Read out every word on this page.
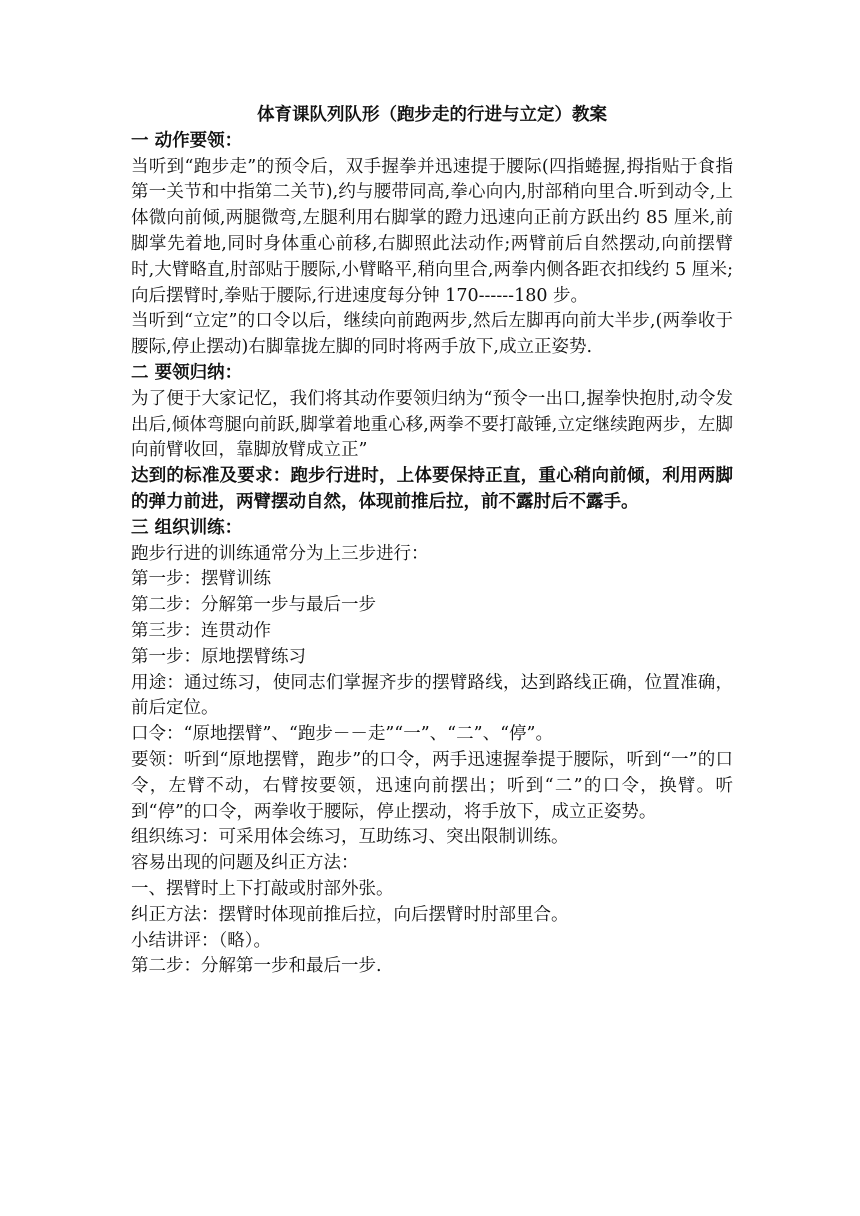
体育课队列队形（跑步走的行进与立定）教案

一 动作要领：

当听到“跑步走”的预令后，双手握拳并迅速提于腰际(四指蜷握,拇指贴于食指第一关节和中指第二关节),约与腰带同高,拳心向内,肘部稍向里合.听到动令,上体微向前倾,两腿微弯,左腿利用右脚掌的蹬力迅速向正前方跃出约 85 厘米,前脚掌先着地,同时身体重心前移,右脚照此法动作;两臂前后自然摆动,向前摆臂时,大臂略直,肘部贴于腰际,小臂略平,稍向里合,两拳内侧各距衣扣线约 5 厘米;向后摆臂时,拳贴于腰际,行进速度每分钟 170------180 步。

当听到“立定”的口令以后，继续向前跑两步,然后左脚再向前大半步,(两拳收于腰际,停止摆动)右脚靠拢左脚的同时将两手放下,成立正姿势.

二 要领归纳：

为了便于大家记忆，我们将其动作要领归纳为“预令一出口,握拳快抱肘,动令发出后,倾体弯腿向前跃,脚掌着地重心移,两拳不要打敲锤,立定继续跑两步，左脚向前臂收回，靠脚放臂成立正”

达到的标准及要求：跑步行进时，上体要保持正直，重心稍向前倾，利用两脚的弹力前进，两臂摆动自然，体现前推后拉，前不露肘后不露手。

三 组织训练：

跑步行进的训练通常分为上三步进行：

第一步：摆臂训练

第二步：分解第一步与最后一步

第三步：连贯动作

第一步：原地摆臂练习

用途：通过练习，使同志们掌握齐步的摆臂路线，达到路线正确，位置准确，前后定位。

口令：“原地摆臂”、“跑步－－走”“一”、“二”、“停”。

要领：听到“原地摆臂，跑步”的口令，两手迅速握拳提于腰际，听到“一”的口令，左臂不动，右臂按要领，迅速向前摆出；听到“二”的口令，换臂。听到“停”的口令，两拳收于腰际，停止摆动，将手放下，成立正姿势。

组织练习：可采用体会练习，互助练习、突出限制训练。

容易出现的问题及纠正方法：

一、摆臂时上下打敲或肘部外张。

纠正方法：摆臂时体现前推后拉，向后摆臂时肘部里合。

小结讲评：（略）。

第二步：分解第一步和最后一步.
